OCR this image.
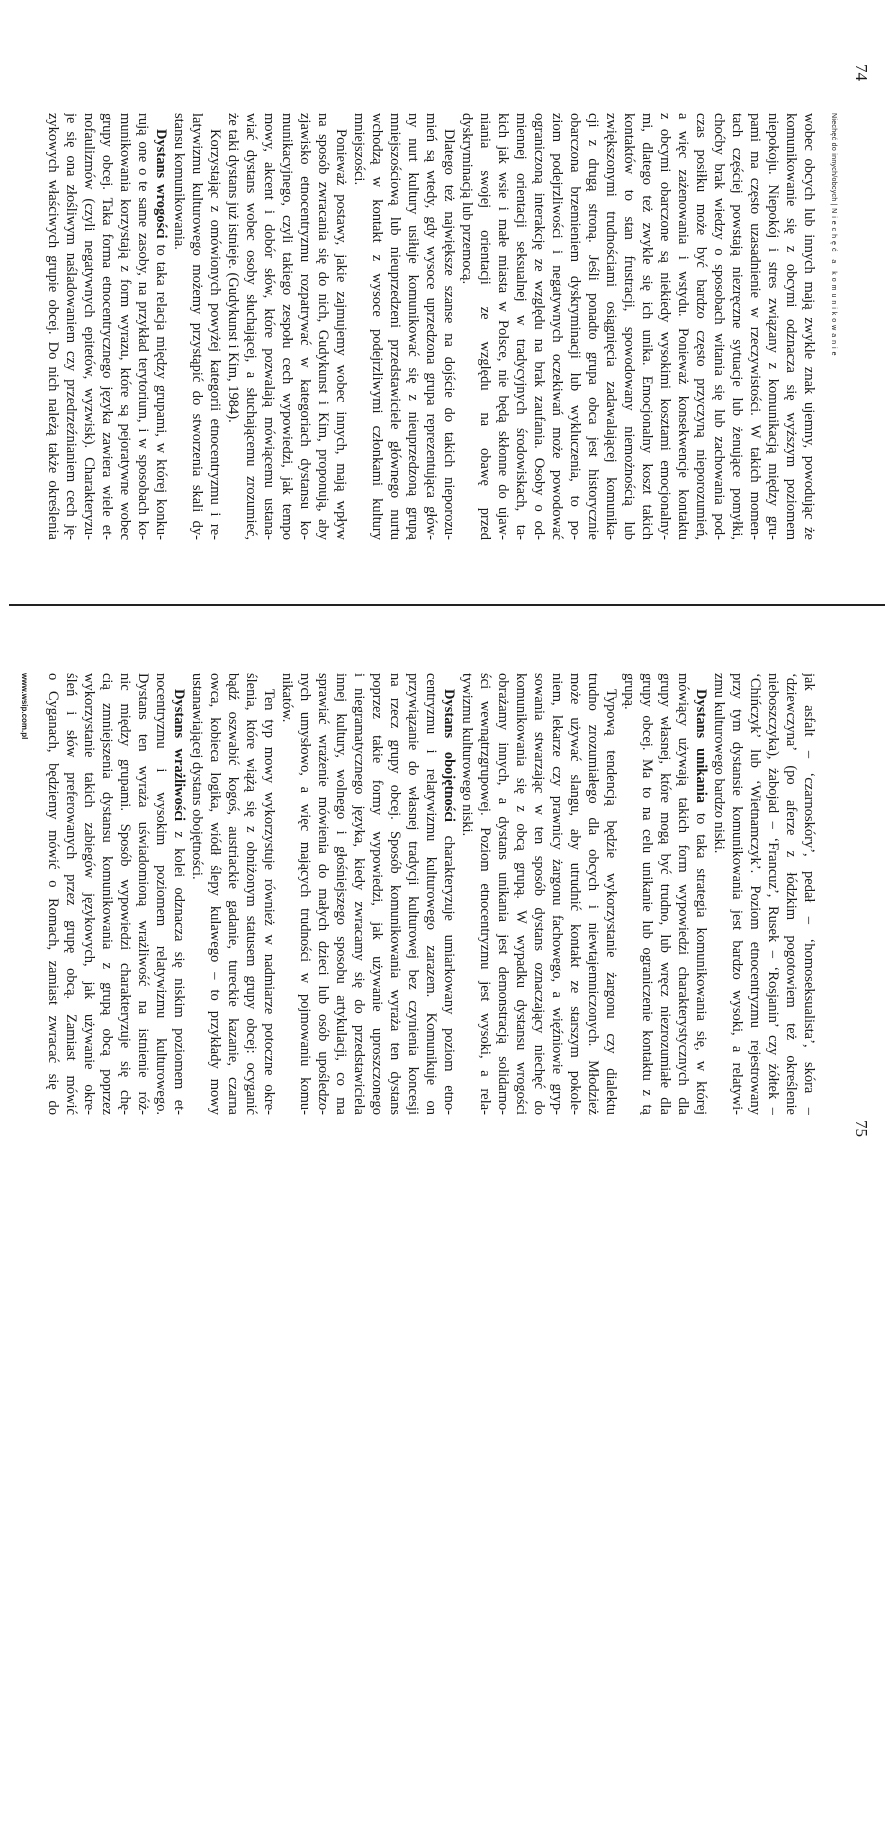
74
Niechęć do innych/obcych | Niechęć a komunikowanie
wobec obcych lub innych mają zwykle znak ujemny, powodując że
komunikowanie się z obcymi odznacza się wyższym poziomem
niepokoju. Niepokój i stres związany z komunikacją między gru-
pami ma często uzasadnienie w rzeczywistości. W takich momen-
tach częściej powstają niezręczne sytuacje lub żenujące pomyłki,
choćby brak wiedzy o sposobach witania się lub zachowania pod-
czas posiłku może być bardzo często przyczyną nieporozumień,
a więc zażenowania i wstydu. Ponieważ konsekwencje kontaktu
z obcymi obarczone są niekiedy wysokimi kosztami emocjonalny-
mi, dlatego też zwykle się ich unika. Emocjonalny koszt takich
kontaktów to stan frustracji, spowodowany niemożnością lub
zwiększonymi trudnościami osiągnięcia zadawalającej komunika-
cji z drugą stroną. Jeśli ponadto grupa obca jest historycznie
obarczona brzemieniem dyskryminacji lub wykluczenia, to po-
ziom podejrzliwości i negatywnych oczekiwań może powodować
ograniczoną interakcję ze względu na brak zaufania. Osoby o od-
miennej orientacji seksualnej w tradycyjnych środowiskach, ta-
kich jak wsie i małe miasta w Polsce, nie będą skłonne do ujaw-
niania swojej orientacji ze względu na obawę przed
dyskryminacją lub przemocą.
Dlatego też największe szanse na dojście do takich nieporozu-
mień są wtedy, gdy wysoce uprzedzona grupa reprezentująca głów-
ny nurt kultury usiłuje komunikować się z nieuprzedzoną grupą
mniejszościową lub nieuprzedzeni przedstawiciele głównego nurtu
wchodzą w kontakt z wysoce podejrzliwymi członkami kultury
mniejszości.
Ponieważ postawy, jakie zajmujemy wobec innych, mają wpływ
na sposób zwracania się do nich, Gudykunst i Kim, proponują, aby
zjawisko etnocentryzmu rozpatrywać w kategoriach dystansu ko-
munikacyjnego, czyli takiego zespołu cech wypowiedzi, jak tempo
mowy, akcent i dobór słów, które pozwalają mówiącemu ustana-
wiać dystans wobec osoby słuchającej, a słuchającemu zrozumieć,
że taki dystans już istnieje. (Gudykunst i Kim, 1984).
Korzystając z omówionych powyżej kategorii etnocentryzmu i re-
latywizmu kulturowego możemy przystąpić do stworzenia skali dy-
stansu komunikowania.
Dystans wrogości to taka relacja między grupami, w której konku-
rują one o te same zasoby, na przykład terytorium, i w sposobach ko-
munikowania korzystają z form wyrazu, które są pejoratywne wobec
grupy obcej. Taka forma etnocentrycznego języka zawiera wiele et-
nofaulizmów (czyli negatywnych epitetów, wyzwisk). Charakteryzu-
je się ona złośliwym naśladowaniem czy przedrzeźnianiem cech ję-
zykowych właściwych grupie obcej. Do nich należą także określenia
75
jak asfalt – ‘czarnoskóry’, pedał – ‘homoseksualista’, skóra –
‘dziewczyna’ (po aferze z łódzkim pogotowiem też określenie
nieboszczyka), żabojad – ‘Francuz’, Rusek – ‘Rosjanin’ czy żółtek –
‘Chińczyk’ lub ‘Wietnamczyk’. Poziom etnocentryzmu rejestrowany
przy tym dystansie komunikowania jest bardzo wysoki, a relatywi-
zmu kulturowego bardzo niski.
Dystans unikania to taka strategia komunikowania się, w której
mówiący używają takich form wypowiedzi charakterystycznych dla
grupy własnej, które mogą być trudno, lub wręcz niezrozumiałe dla
grupy obcej. Ma to na celu unikanie lub ograniczenie kontaktu z tą
grupą.
Typową tendencją będzie wykorzystanie żargonu czy dialektu
trudno zrozumiałego dla obcych i niewtajemniczonych. Młodzież
może używać slangu, aby utrudnić kontakt ze starszym pokole-
niem, lekarze czy prawnicy żargonu fachowego, a więźniowie gryp-
sowania stwarzając w ten sposób dystans oznaczający niechęć do
komunikowania się z obcą grupą. W wypadku dystansu wrogości
obrażamy innych, a dystans unikania jest demonstracją solidarno-
ści wewnątrzgrupowej. Poziom etnocentryzmu jest wysoki, a rela-
tywizmu kulturowego niski.
Dystans obojętności charakteryzuje umiarkowany poziom etno-
centryzmu i relatywizmu kulturowego zarazem. Komunikuje on
przywiązanie do własnej tradycji kulturowej bez czynienia koncesji
na rzecz grupy obcej. Sposób komunikowania wyraża ten dystans
poprzez takie formy wypowiedzi, jak używanie uproszczonego
i niegramatycznego języka, kiedy zwracamy się do przedstawiciela
innej kultury, wolnego i głośniejszego sposobu artykulacji, co ma
sprawiać wrażenie mówienia do małych dzieci lub osób upośledzo-
nych umysłowo, a więc mających trudności w pojmowaniu komu-
nikatów.
Ten typ mowy wykorzystuje również w nadmiarze potoczne okre-
ślenia, które wiążą się z obniżonym statusem grupy obcej: ocyganić
bądź oszwabić kogoś, austriackie gadanie, tureckie kazanie, czarna
owca, kobieca logika, wiódł ślepy kulawego – to przykłady mowy
ustanawiającej dystans obojętności.
Dystans wrażliwości z kolei odznacza się niskim poziomem et-
nocentryzmu i wysokim poziomem relatywizmu kulturowego.
Dystans ten wyraża uświadomioną wrażliwość na istnienie róż-
nic między grupami. Sposób wypowiedzi charakteryzuje się chę-
cią zmniejszenia dystansu komunikowania z grupą obcą poprzez
wykorzystanie takich zabiegów językowych, jak używanie okre-
śleń i słów preferowanych przez grupę obcą. Zamiast mówić
o Cyganach, będziemy mówić o Romach, zamiast zwracać się do
www.wsip.com.pl
